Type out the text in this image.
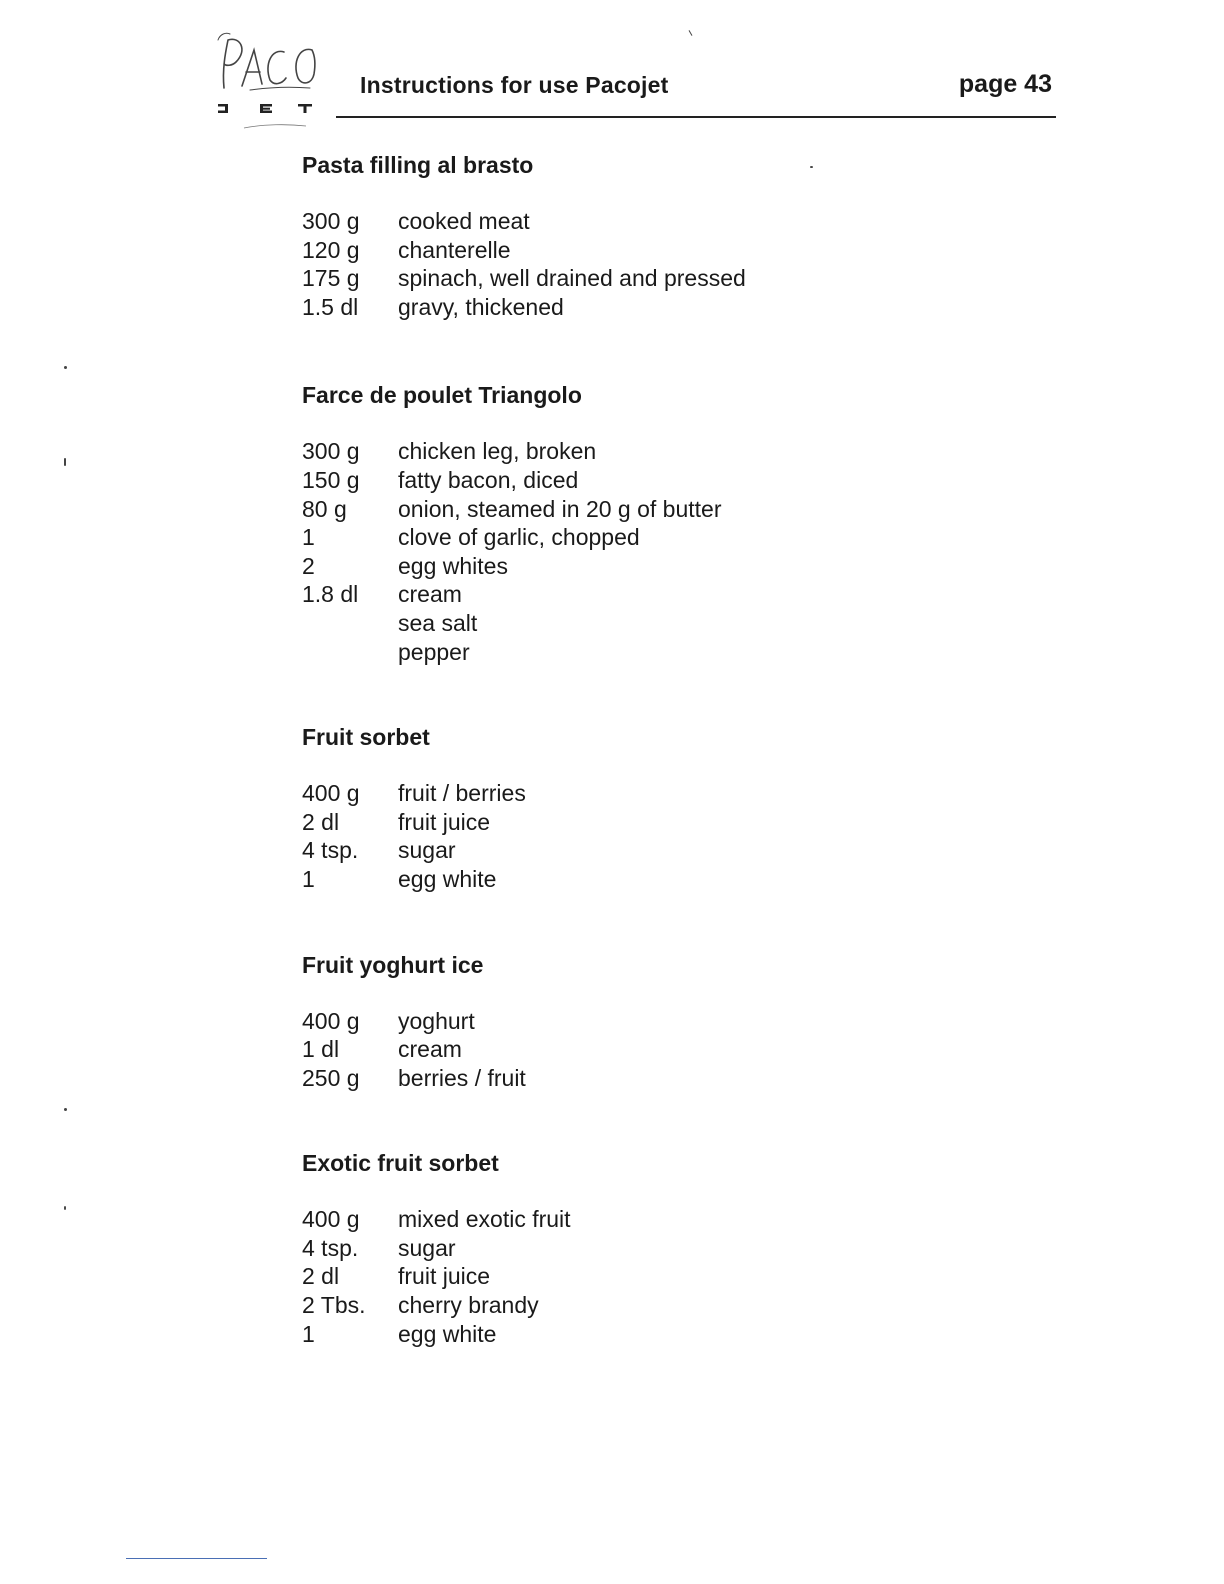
Instructions for use Pacojet	page 43
Pasta filling al brasto
300 g	cooked meat
120 g	chanterelle
175 g	spinach, well drained and pressed
1.5 dl	gravy, thickened
Farce de poulet Triangolo
300 g	chicken leg, broken
150 g	fatty bacon, diced
80 g	onion, steamed in 20 g of butter
1	clove of garlic, chopped
2	egg whites
1.8 dl	cream
sea salt
pepper
Fruit sorbet
400 g	fruit / berries
2 dl	fruit juice
4 tsp.	sugar
1	egg white
Fruit yoghurt ice
400 g	yoghurt
1 dl	cream
250 g	berries / fruit
Exotic fruit sorbet
400 g	mixed exotic fruit
4 tsp.	sugar
2 dl	fruit juice
2 Tbs.	cherry brandy
1	egg white
